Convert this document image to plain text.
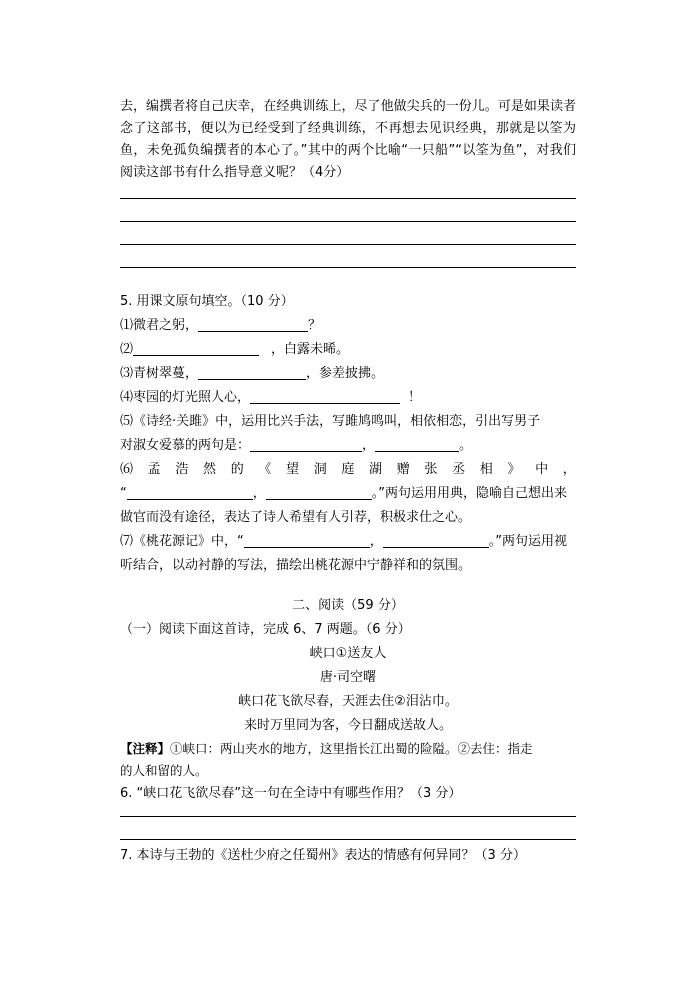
去，编撰者将自己庆幸，在经典训练上，尽了他做尖兵的一份儿。可是如果读者念了这部书，便以为已经受到了经典训练，不再想去见识经典，那就是以筌为鱼，未免孤负编撰者的本心了。”其中的两个比喻“一只船”“以筌为鱼”，对我们阅读这部书有什么指导意义呢？（4分）

5. 用课文原句填空。（10 分）
⑴微君之躬，	？
⑵	，白露未晞。
⑶青树翠蔓，	，参差披拂。
⑷枣园的灯光照人心，	！
⑸《诗经·关雎》中，运用比兴手法，写雎鸠鸣叫，相依相恋，引出写男子
对淑女爱慕的两句是：	，	。
⑹ 孟 浩 然 的 《 望 洞 庭 湖 赠 张 丞 相 》 中 ，
“	，	。”两句运用用典，隐喻自己想出来
做官而没有途径，表达了诗人希望有人引荐，积极求仕之心。
⑺《桃花源记》中，“	，	。”两句运用视
听结合，以动衬静的写法，描绘出桃花源中宁静祥和的氛围。
二、阅读（59 分）
（一）阅读下面这首诗，完成 6、7 两题。（6 分）
峡口①送友人
唐·司空曙
峡口花飞欲尽春，天涯去住②泪沾巾。
来时万里同为客，今日翻成送故人。
【注释】①峡口：两山夹水的地方，这里指长江出蜀的险隘。②去住：指走
的人和留的人。
6. “峡口花飞欲尽春”这一句在全诗中有哪些作用？（3 分）
7. 本诗与王勃的《送杜少府之任蜀州》表达的情感有何异同？（3 分）
